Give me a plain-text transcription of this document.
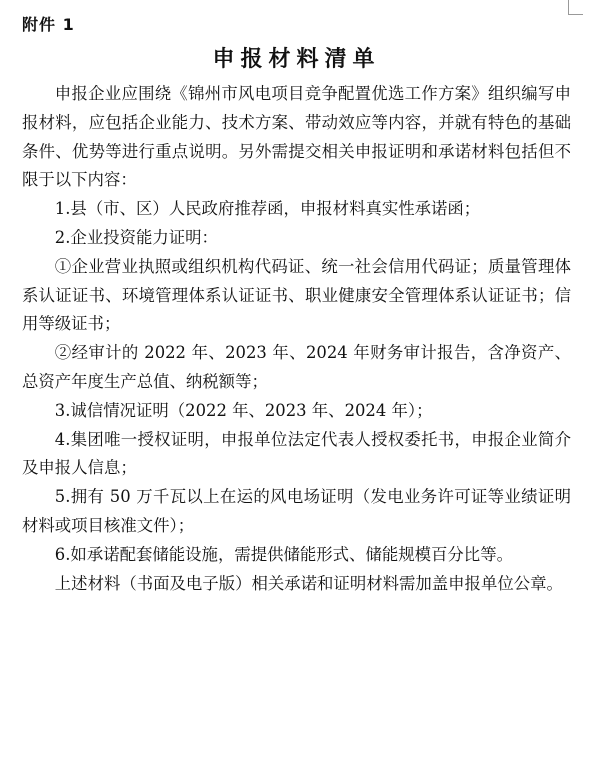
附件 1
申报材料清单

申报企业应围绕《锦州市风电项目竞争配置优选工作方案》组织编写申报材料，应包括企业能力、技术方案、带动效应等内容，并就有特色的基础条件、优势等进行重点说明。另外需提交相关申报证明和承诺材料包括但不限于以下内容：

1.县（市、区）人民政府推荐函，申报材料真实性承诺函；

2.企业投资能力证明：

①企业营业执照或组织机构代码证、统一社会信用代码证；质量管理体系认证证书、环境管理体系认证证书、职业健康安全管理体系认证证书；信用等级证书；

②经审计的 2022 年、2023 年、2024 年财务审计报告，含净资产、总资产年度生产总值、纳税额等；

3.诚信情况证明（2022 年、2023 年、2024 年）；

4.集团唯一授权证明，申报单位法定代表人授权委托书，申报企业简介及申报人信息；

5.拥有 50 万千瓦以上在运的风电场证明（发电业务许可证等业绩证明材料或项目核准文件）；

6.如承诺配套储能设施，需提供储能形式、储能规模百分比等。

上述材料（书面及电子版）相关承诺和证明材料需加盖申报单位公章。
